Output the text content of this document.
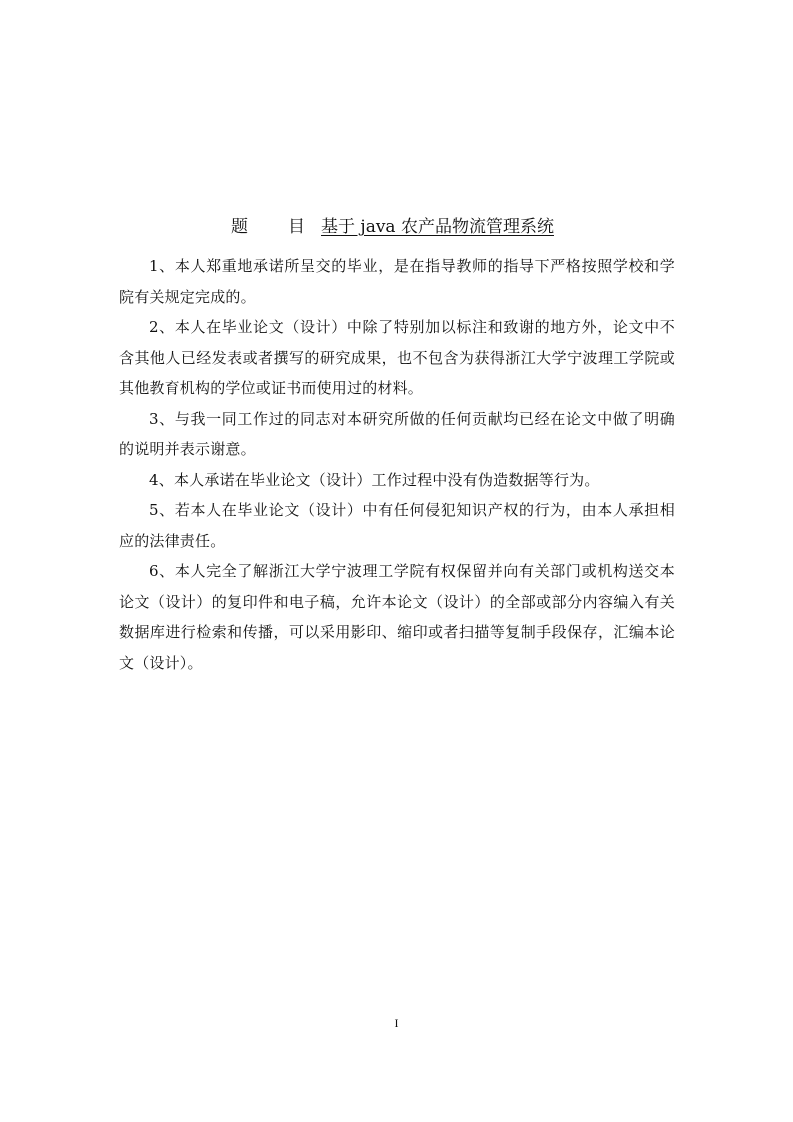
题 目 基于 java 农产品物流管理系统

1、本人郑重地承诺所呈交的毕业，是在指导教师的指导下严格按照学校和学院有关规定完成的。

2、本人在毕业论文（设计）中除了特别加以标注和致谢的地方外，论文中不含其他人已经发表或者撰写的研究成果，也不包含为获得浙江大学宁波理工学院或其他教育机构的学位或证书而使用过的材料。

3、与我一同工作过的同志对本研究所做的任何贡献均已经在论文中做了明确的说明并表示谢意。

4、本人承诺在毕业论文（设计）工作过程中没有伪造数据等行为。

5、若本人在毕业论文（设计）中有任何侵犯知识产权的行为，由本人承担相应的法律责任。

6、本人完全了解浙江大学宁波理工学院有权保留并向有关部门或机构送交本论文（设计）的复印件和电子稿，允许本论文（设计）的全部或部分内容编入有关数据库进行检索和传播，可以采用影印、缩印或者扫描等复制手段保存，汇编本论文（设计）。

I
